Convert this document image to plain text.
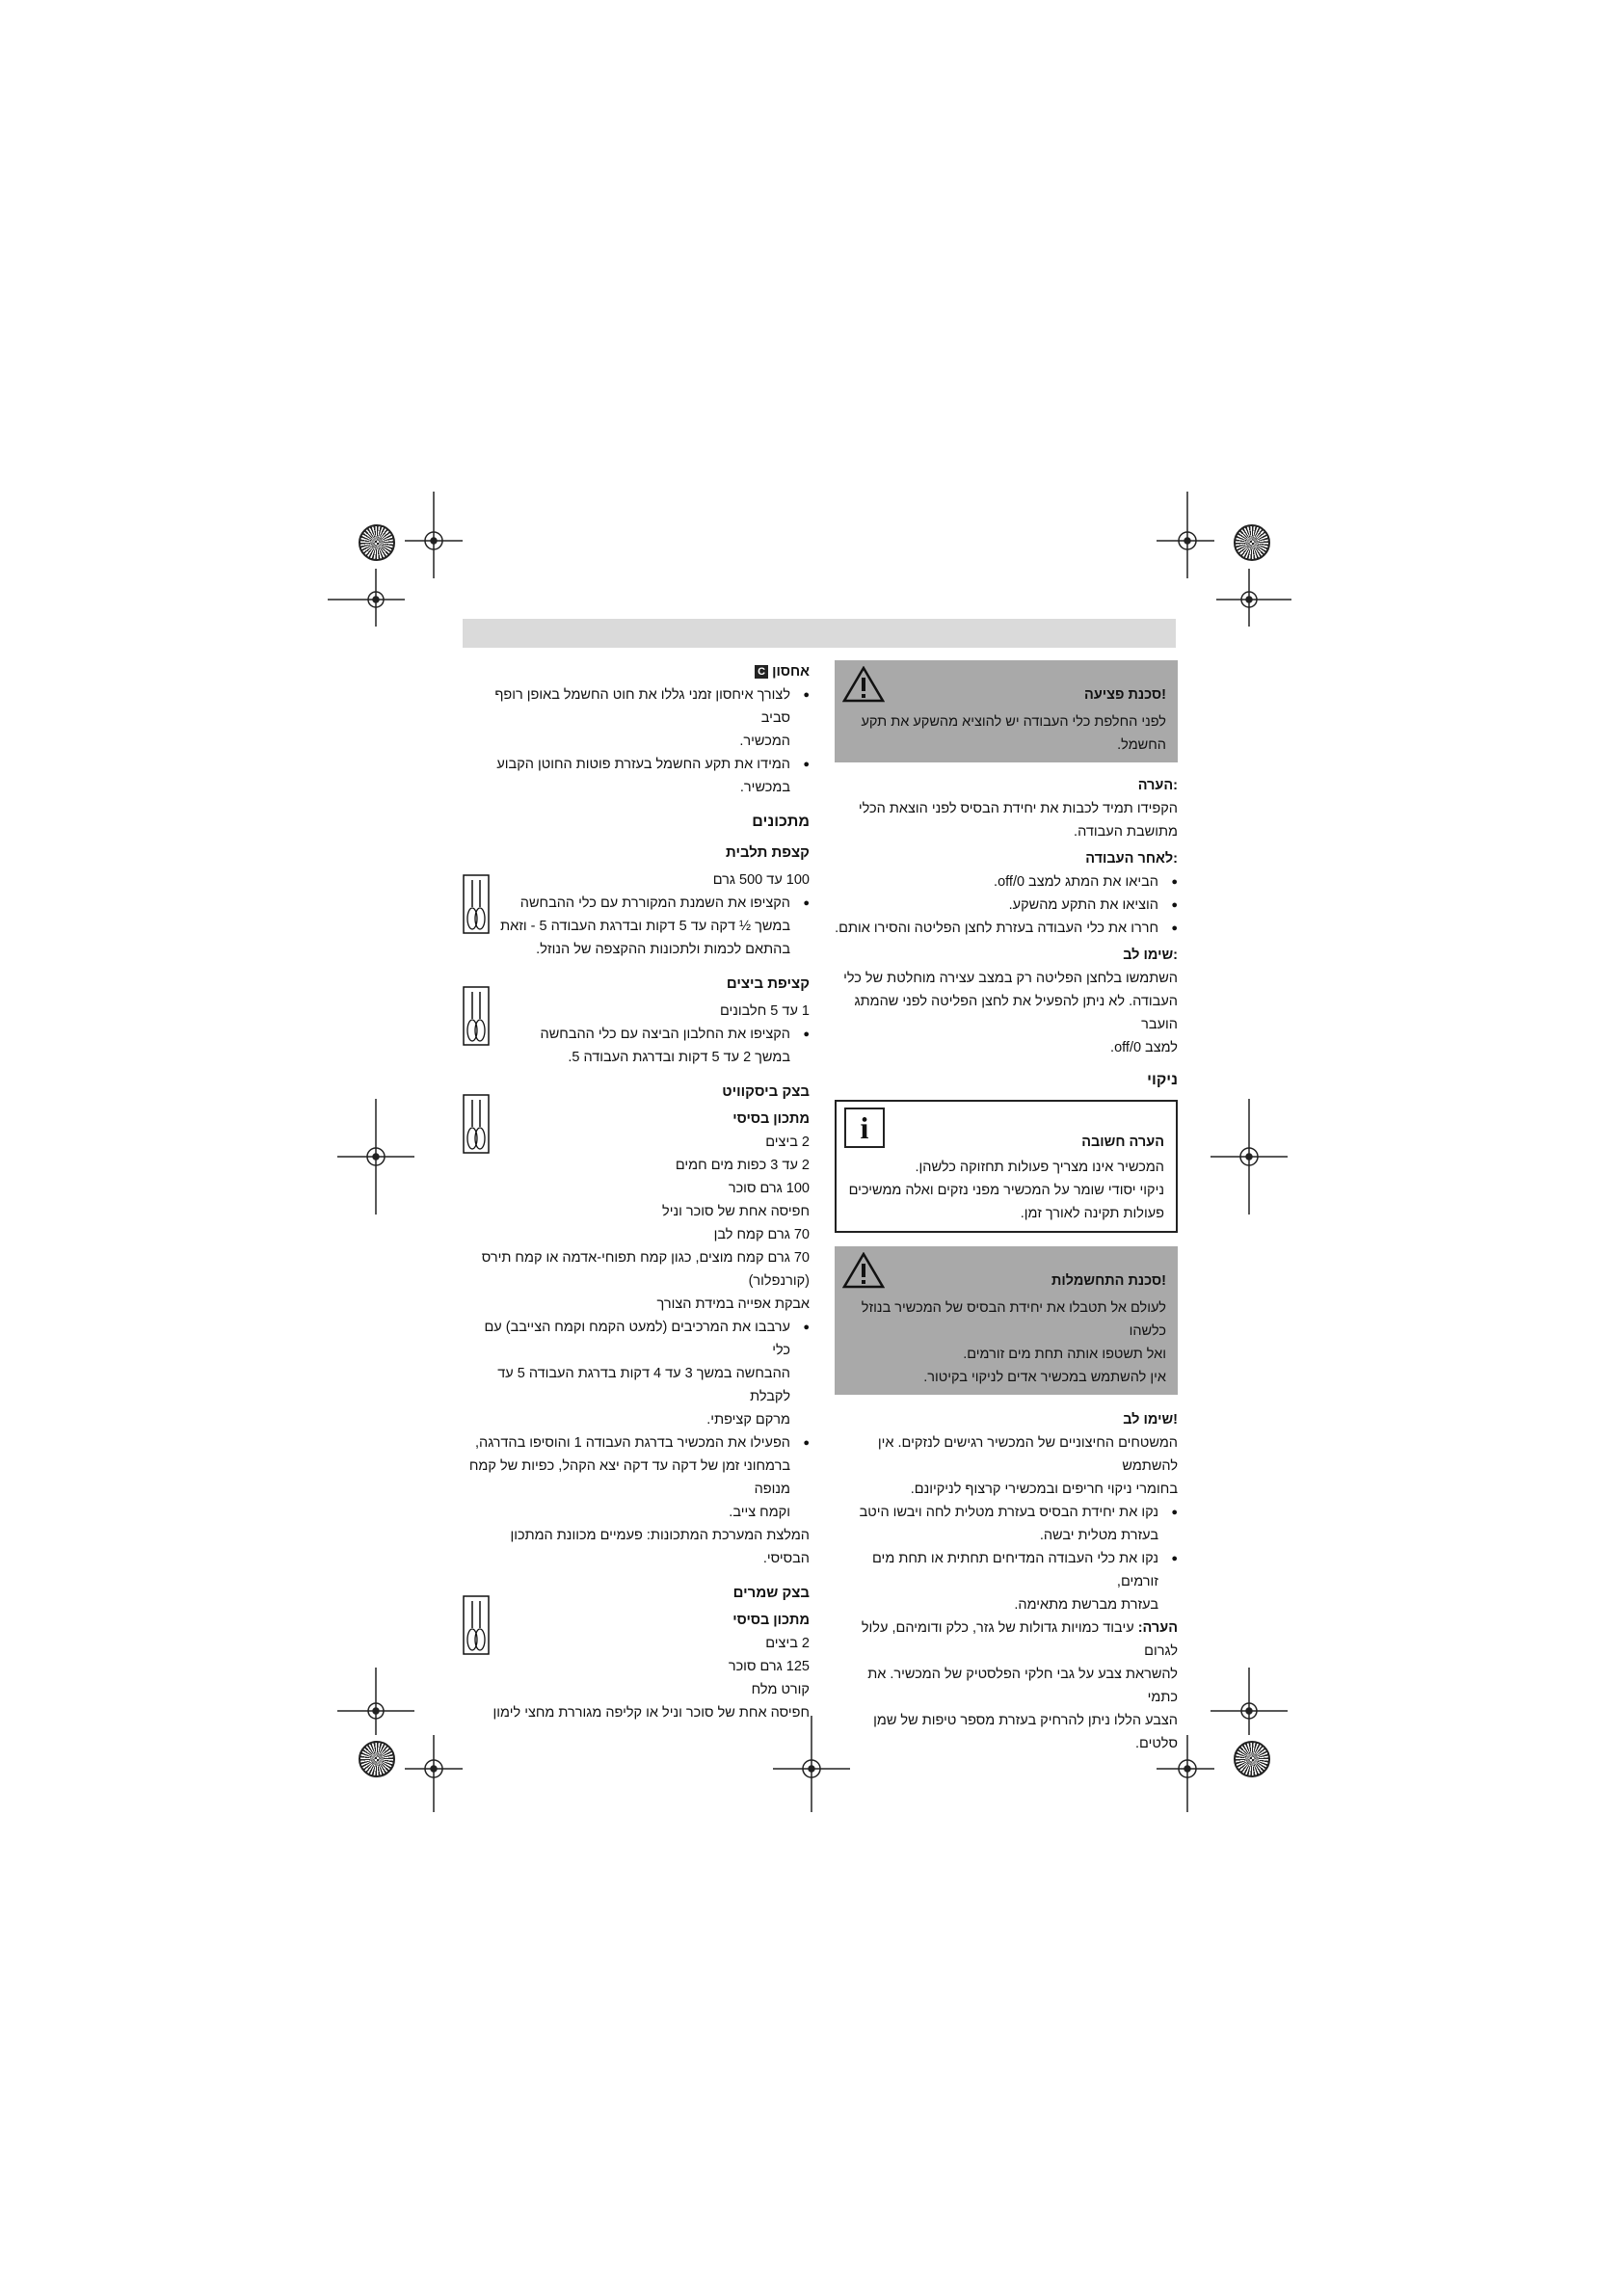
!סכנת פציעה

לפני החלפת כלי העבודה יש להוציא מהשקע את תקע

החשמל.

:הערה

הקפידו תמיד לכבות את יחידת הבסיס לפני הוצאת הכלי

מתושבת העבודה.

:לאחר העבודה

● הביאו את המתג למצב off/0.

● הוציאו את התקע מהשקע.

● חררו את כלי העבודה בעזרת לחצן הפליטה והסירו אותם.

:שימו לב

השתמשו בלחצן הפליטה רק במצב עצירה מוחלטת של כלי

העבודה. לא ניתן להפעיל את לחצן הפליטה לפני שהמתג הועבר

למצב off/0.

ניקוי
i	הערה חשובה

המכשיר אינו מצריך פעולות תחזוקה כלשהן.

ניקוי יסודי שומר על המכשיר מפני נזקים ואלה ממשיכים

פעולות תקינה לאורך זמן.

!סכנת התחשמלות

לעולם אל תטבלו את יחידת הבסיס של המכשיר בנוזל כלשהו

ואל תשטפו אותה תחת מים זורמים.

אין להשתמש במכשיר אדים לניקוי בקיטור.

!שימו לב

המשטחים החיצוניים של המכשיר רגישים לנזקים. אין להשתמש

בחומרי ניקוי חריפים ובמכשירי קרצוף לניקיונם.

● נקו את יחידת הבסיס בעזרת מטלית לחה ויבשו היטב

בעזרת מטלית יבשה.

● נקו את כלי העבודה המדיחים תחתית או תחת מים זורמים,

בעזרת מברשת מתאימה.

הערה: עיבוד כמויות גדולות של גזר, כלק ודומיהם, עלול לגרום

להשראת צבע על גבי חלקי הפלסטיק של המכשיר. את כתמי

הצבע הללו ניתן להרחיק בעזרת מספר טיפות של שמן סלטים.

אחסון C

● לצורך איחסון זמני גללו את חוט החשמל באופן רופף סביב

המכשיר.

● המידו את תקע החשמל בעזרת פוטות החוטן הקבוע

במכשיר.

מתכונים
קצפת תלבית

100 עד 500 גרם

● הקציפו את השמנת המקוררת עם כלי ההבחשה

במשך ½ דקה עד 5 דקות ובדרגת העבודה 5 - וזאת

בהתאם לכמות ולתכונות ההקצפה של הנוזל.

קציפת ביצים

1 עד 5 חלבונים

● הקציפו את החלבון הביצה עם כלי ההבחשה

במשך 2 עד 5 דקות ובדרגת העבודה 5.

בצק ביסקוויט

מתכון בסיסי

2 ביצים

2 עד 3 כפות מים חמים

100 גרם סוכר

חפיסה אחת של סוכר וניל

70 גרם קמח לבן

70 גרם קמח מוצים, כגון קמח תפוחי-אדמה או קמח תירס

(קורנפלור)

אבקת אפייה במידת הצורך

● ערבבו את המרכיבים (למעט הקמח וקמח הצייבב) עם כלי

ההבחשה במשך 3 עד 4 דקות בדרגת העבודה 5 עד לקבלת

מרקם קציפתי.

● הפעילו את המכשיר בדרגת העבודה 1 והוסיפו בהדרגה,

ברמחוני זמן של דקה עד דקה יצא הקהל, כפיות של קמח מנופה

וקמח צייב.

המלצת המערכת המתכונות: פעמיים מכוונת המתכון הבסיסי.

בצק שמרים

מתכון בסיסי

2 ביצים

125 גרם סוכר

קורט מלח

חפיסה אחת של סוכר וניל או קליפה מגוררת מחצי לימון
